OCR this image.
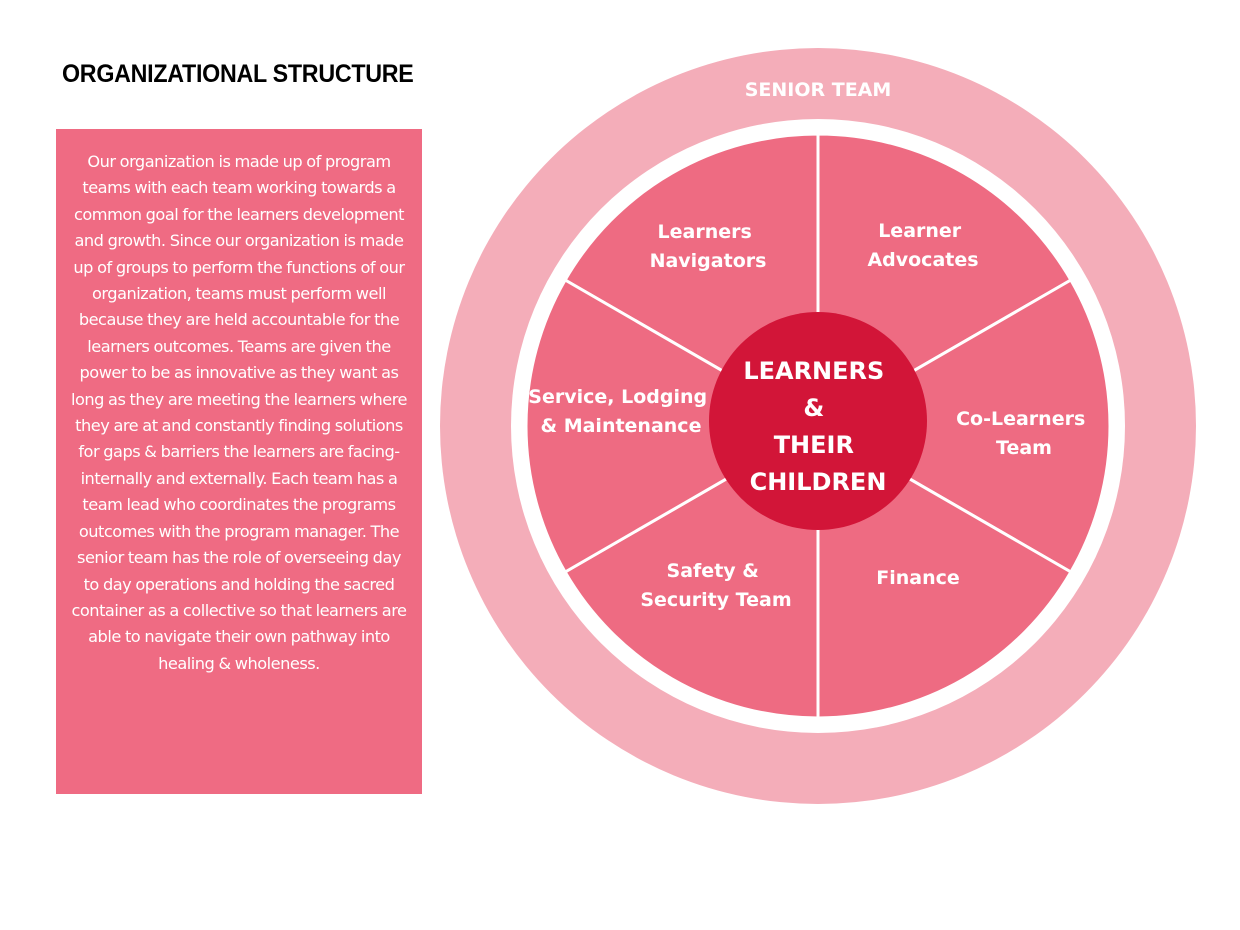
ORGANIZATIONAL STRUCTURE
Our organization is made up of program teams with each team working towards a common goal for the learners development and growth. Since our organization is made up of groups to perform the functions of our organization, teams must perform well because they are held accountable for the learners outcomes. Teams are given the power to be as innovative as they want as long as they are meeting the learners where they are at and constantly finding solutions for gaps & barriers the learners are facing- internally and externally. Each team has a team lead who coordinates the programs outcomes with the program manager. The senior team has the role of overseeing day to day operations and holding the sacred container as a collective so that learners are able to navigate their own pathway into healing & wholeness.
SENIOR TEAM
LEARNERS & THEIR CHILDREN
Learners Navigators
Learner Advocates
Co-Learners Team
Finance
Safety & Security Team
Service, Lodging & Maintenance
